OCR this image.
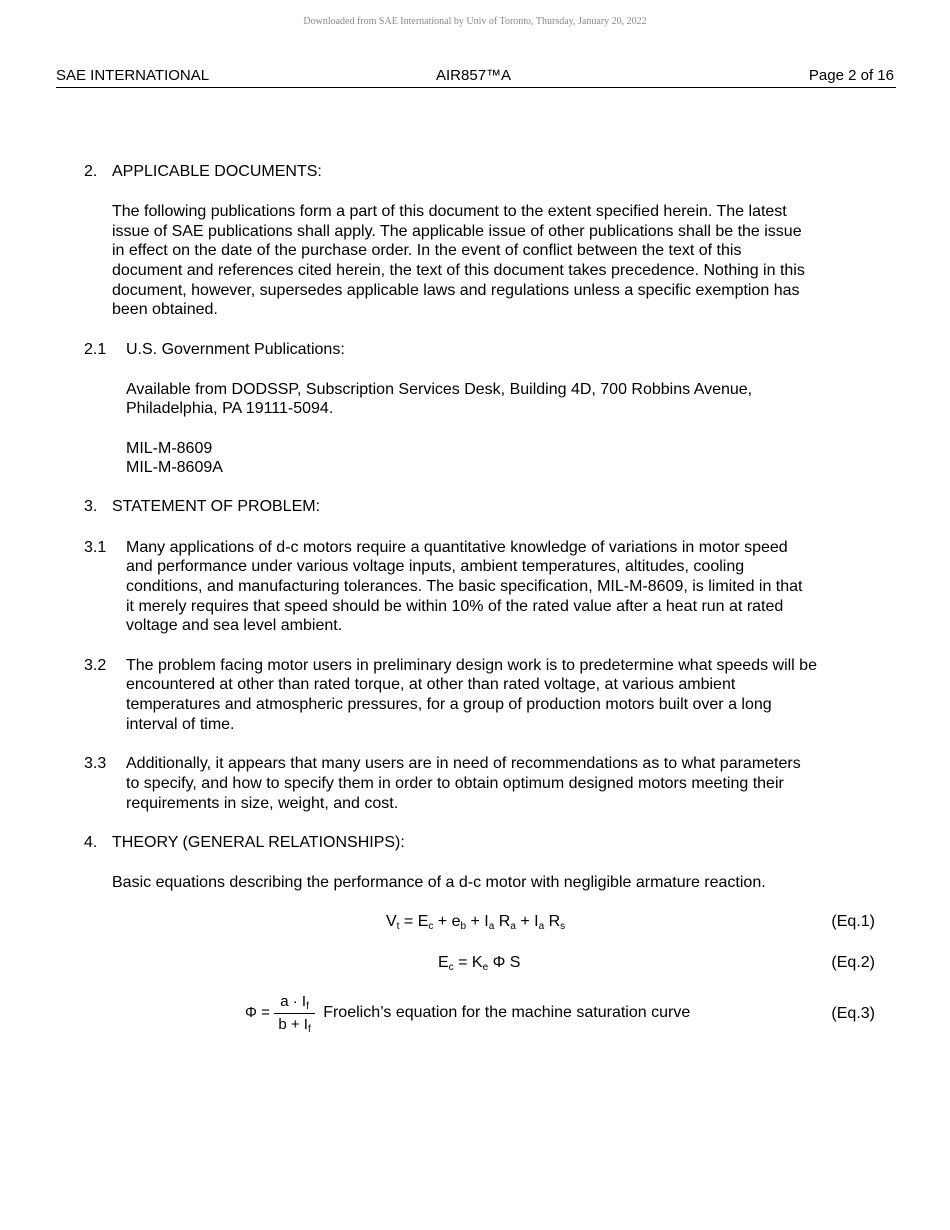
Downloaded from SAE International by Univ of Toronto, Thursday, January 20, 2022
SAE INTERNATIONAL	AIR857™A	Page 2 of 16
2. APPLICABLE DOCUMENTS:
The following publications form a part of this document to the extent specified herein. The latest
issue of SAE publications shall apply. The applicable issue of other publications shall be the issue
in effect on the date of the purchase order. In the event of conflict between the text of this
document and references cited herein, the text of this document takes precedence. Nothing in this
document, however, supersedes applicable laws and regulations unless a specific exemption has
been obtained.
2.1 U.S. Government Publications:
Available from DODSSP, Subscription Services Desk, Building 4D, 700 Robbins Avenue,
Philadelphia, PA 19111-5094.
MIL-M-8609
MIL-M-8609A
3. STATEMENT OF PROBLEM:
3.1 Many applications of d-c motors require a quantitative knowledge of variations in motor speed
and performance under various voltage inputs, ambient temperatures, altitudes, cooling
conditions, and manufacturing tolerances. The basic specification, MIL-M-8609, is limited in that
it merely requires that speed should be within 10% of the rated value after a heat run at rated
voltage and sea level ambient.
3.2 The problem facing motor users in preliminary design work is to predetermine what speeds will be
encountered at other than rated torque, at other than rated voltage, at various ambient
temperatures and atmospheric pressures, for a group of production motors built over a long
interval of time.
3.3 Additionally, it appears that many users are in need of recommendations as to what parameters
to specify, and how to specify them in order to obtain optimum designed motors meeting their
requirements in size, weight, and cost.
4. THEORY (GENERAL RELATIONSHIPS):
Basic equations describing the performance of a d-c motor with negligible armature reaction.
$V_t = E_c + e_b + I_a$ $R_a + I_a$ $R_s$	(Eq.1)
$E_c = K_e$ Φ S	(Eq.2)
$\Phi = \frac{a \cdot I_f}{b + I_f}$ Froelich’s equation for the machine saturation curve	(Eq.3)
